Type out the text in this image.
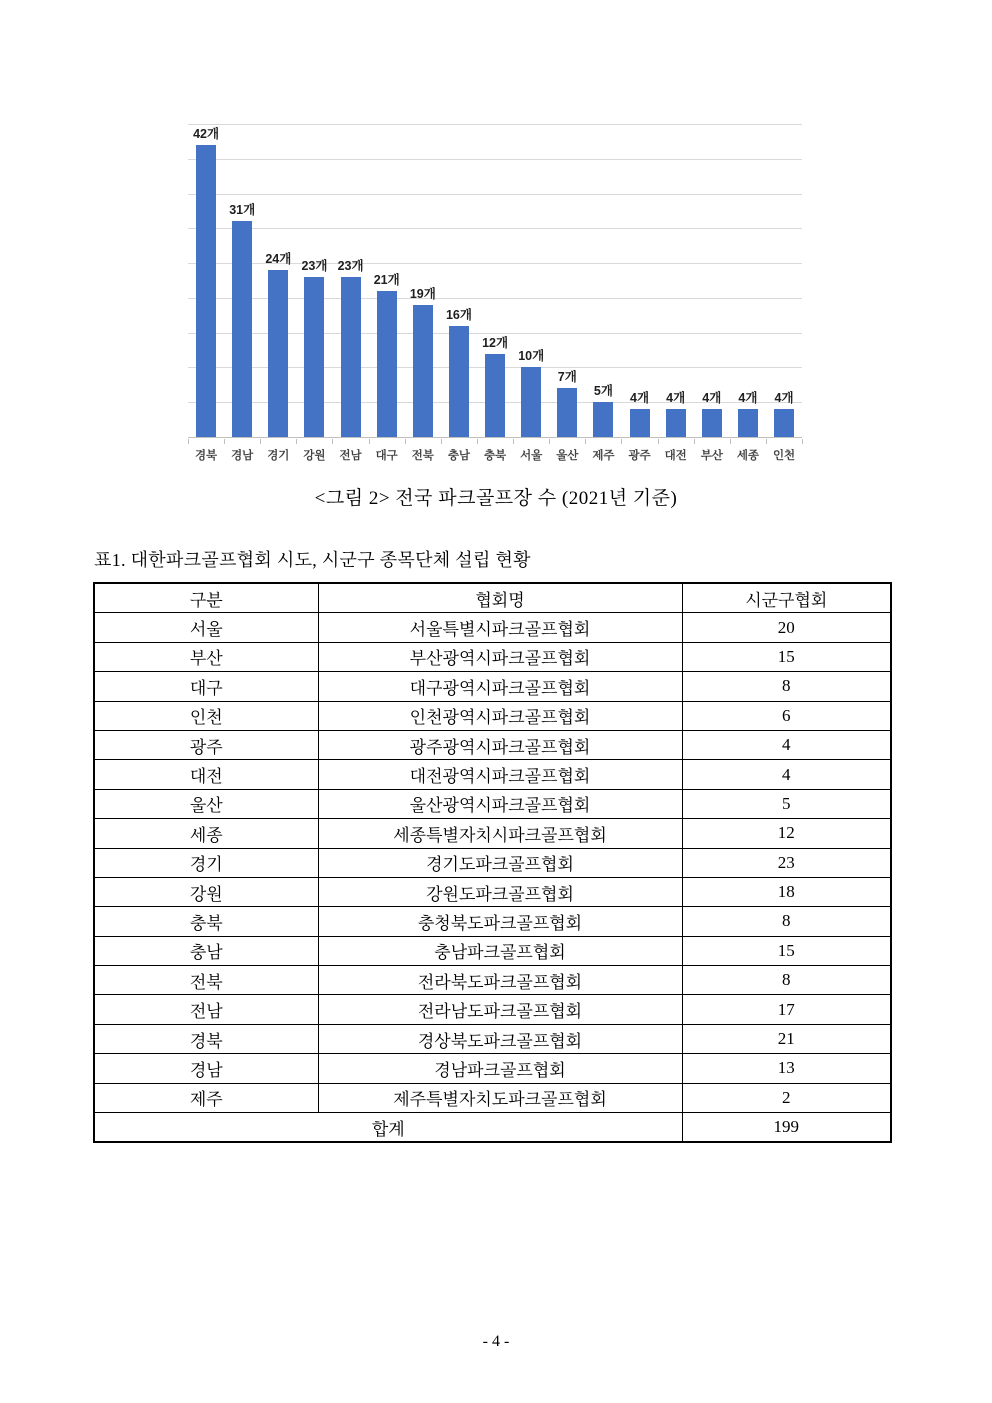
42개
31개
24개 23개 23개
21개
19개
16개
12개
10개
7개
5개 4개 4개 4개 4개 4개
경북	경남	경기	강원	전남	대구	전북	충남	충북	서울	울산	제주	광주	대전	부산	세종	인천
<그림 2> 전국 파크골프장 수 (2021년 기준)
표1. 대한파크골프협회 시도, 시군구 종목단체 설립 현황
구분	협회명	시군구협회
서울	서울특별시파크골프협회	20
부산	부산광역시파크골프협회	15
대구	대구광역시파크골프협회	8
인천	인천광역시파크골프협회	6
광주	광주광역시파크골프협회	4
대전	대전광역시파크골프협회	4
울산	울산광역시파크골프협회	5
세종	세종특별자치시파크골프협회	12
경기	경기도파크골프협회	23
강원	강원도파크골프협회	18
충북	충청북도파크골프협회	8
충남	충남파크골프협회	15
전북	전라북도파크골프협회	8
전남	전라남도파크골프협회	17
경북	경상북도파크골프협회	21
경남	경남파크골프협회	13
제주	제주특별자치도파크골프협회	2
합계		199
- 4 -
